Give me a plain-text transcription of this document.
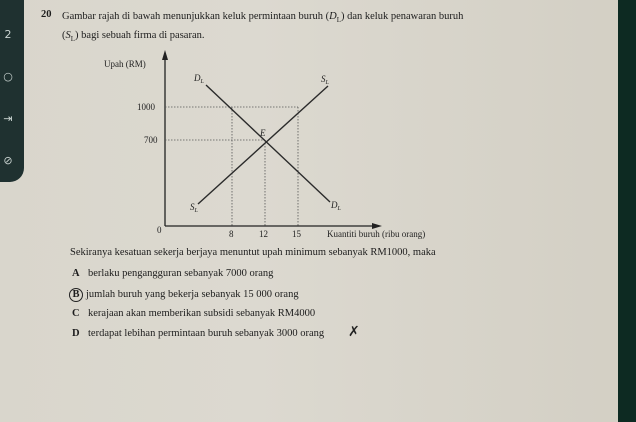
2
○
⇥
⊘
20 Gambar rajah di bawah menunjukkan keluk permintaan buruh $(D_L)$ dan keluk penawaran buruh
$(S_L)$ bagi sebuah firma di pasaran.
Upah (RM)
1000
700
0	8	12	15	Kuantiti buruh (ribu orang)
E
$D_L$	$S_L$
$S_L$
$D_L$
Sekiranya kesatuan sekerja berjaya menuntut upah minimum sebanyak RM1000, maka
A berlaku pengangguran sebanyak 7000 orang
B jumlah buruh yang bekerja sebanyak 15 000 orang
C kerajaan akan memberikan subsidi sebanyak RM4000
D terdapat lebihan permintaan buruh sebanyak 3000 orang ✗
